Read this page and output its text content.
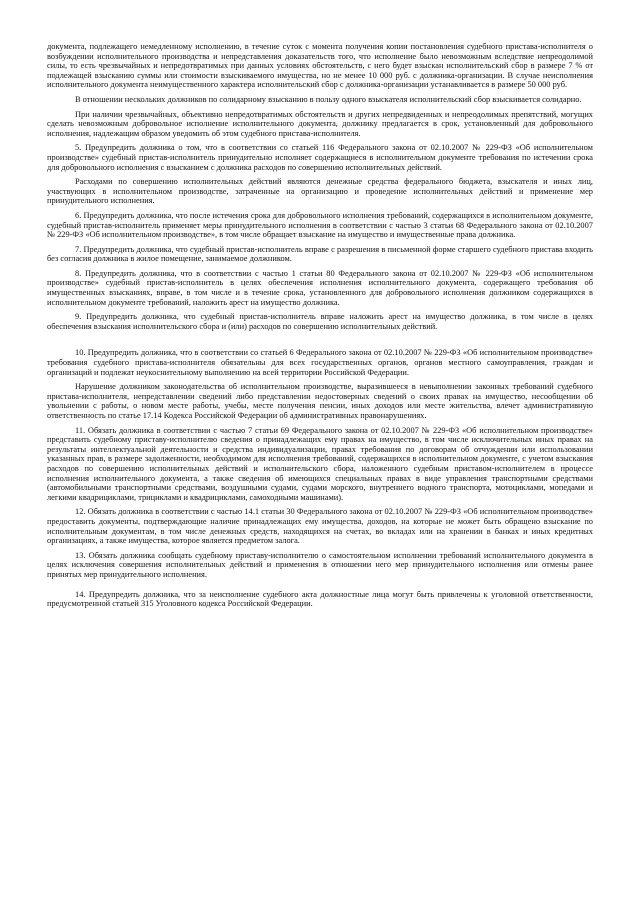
документа, подлежащего немедленному исполнению, в течение суток с момента получения копии постановления судебного пристава-исполнителя о возбуждении исполнительного производства и непредставления доказательств того, что исполнение было невозможным вследствие непреодолимой силы, то есть чрезвычайных и непредотвратимых при данных условиях обстоятельств, с него будет взыскан исполнительский сбор в размере 7 % от подлежащей взысканию суммы или стоимости взыскиваемого имущества, но не менее 10 000 руб. с должника-организации. В случае неисполнения исполнительного документа неимущественного характера исполнительский сбор с должника-организации устанавливается в размере 50 000 руб.

В отношении нескольких должников по солидарному взысканию в пользу одного взыскателя исполнительский сбор взыскивается солидарно.

При наличии чрезвычайных, объективно непредотвратимых обстоятельств и других непредвиденных и непреодолимых препятствий, могущих сделать невозможным добровольное исполнение исполнительного документа, должнику предлагается в срок, установленный для добровольного исполнения, надлежащим образом уведомить об этом судебного пристава-исполнителя.

5. Предупредить должника о том, что в соответствии со статьей 116 Федерального закона от 02.10.2007 № 229-ФЗ «Об исполнительном производстве» судебный пристав-исполнитель принудительно исполняет содержащиеся в исполнительном документе требования по истечении срока для добровольного исполнения с взысканием с должника расходов по совершению исполнительных действий.

Расходами по совершению исполнительных действий являются денежные средства федерального бюджета, взыскателя и иных лиц, участвующих в исполнительном производстве, затраченные на организацию и проведение исполнительных действий и применение мер принудительного исполнения.

6. Предупредить должника, что после истечения срока для добровольного исполнения требований, содержащихся в исполнительном документе, судебный пристав-исполнитель применяет меры принудительного исполнения в соответствии с частью 3 статьи 68 Федерального закона от 02.10.2007 № 229-ФЗ «Об исполнительном производстве», в том числе обращает взыскание на имущество и имущественные права должника.

7. Предупредить должника, что судебный пристав-исполнитель вправе с разрешения в письменной форме старшего судебного пристава входить без согласия должника в жилое помещение, занимаемое должником.

8. Предупредить должника, что в соответствии с частью 1 статьи 80 Федерального закона от 02.10.2007 № 229-ФЗ «Об исполнительном производстве» судебный пристав-исполнитель в целях обеспечения исполнения исполнительного документа, содержащего требования об имущественных взысканиях, вправе, в том числе и в течение срока, установленного для добровольного исполнения должником содержащихся в исполнительном документе требований, наложить арест на имущество должника.

9. Предупредить должника, что судебный пристав-исполнитель вправе наложить арест на имущество должника, в том числе в целях обеспечения взыскания исполнительского сбора и (или) расходов по совершению исполнительных действий.

10. Предупредить должника, что в соответствии со статьей 6 Федерального закона от 02.10.2007 № 229-ФЗ «Об исполнительном производстве» требования судебного пристава-исполнителя обязательны для всех государственных органов, органов местного самоуправления, граждан и организаций и подлежат неукоснительному выполнению на всей территории Российской Федерации.

Нарушение должником законодательства об исполнительном производстве, выразившееся в невыполнении законных требований судебного пристава-исполнителя, непредставлении сведений либо представлении недостоверных сведений о своих правах на имущество, несообщении об увольнении с работы, о новом месте работы, учебы, месте получения пенсии, иных доходов или месте жительства, влечет административную ответственность по статье 17.14 Кодекса Российской Федерации об административных правонарушениях.

11. Обязать должника в соответствии с частью 7 статьи 69 Федерального закона от 02.10.2007 № 229-ФЗ «Об исполнительном производстве» представить судебному приставу-исполнителю сведения о принадлежащих ему правах на имущество, в том числе исключительных иных правах на результаты интеллектуальной деятельности и средства индивидуализации, правах требования по договорам об отчуждении или использовании указанных прав, в размере задолженности, необходимом для исполнения требований, содержащихся в исполнительном документе, с учетом взыскания расходов по совершению исполнительных действий и исполнительского сбора, наложенного судебным приставом-исполнителем в процессе исполнения исполнительного документа, а также сведения об имеющихся специальных правах в виде управления транспортными средствами (автомобильными транспортными средствами, воздушными судами, судами морского, внутреннего водного транспорта, мотоциклами, мопедами и легкими квадрициклами, трициклами и квадрициклами, самоходными машинами).

12. Обязать должника в соответствии с частью 14.1 статьи 30 Федерального закона от 02.10.2007 № 229-ФЗ «Об исполнительном производстве» предоставить документы, подтверждающие наличие принадлежащих ему имущества, доходов, на которые не может быть обращено взыскание по исполнительным документам, в том числе денежных средств, находящихся на счетах, во вкладах или на хранении в банках и иных кредитных организациях, а также имущества, которое является предметом залога.

13. Обязать должника сообщать судебному приставу-исполнителю о самостоятельном исполнении требований исполнительного документа в целях исключения совершения исполнительных действий и применения в отношении него мер принудительного исполнения или отмены ранее принятых мер принудительного исполнения.

14. Предупредить должника, что за неисполнение судебного акта должностные лица могут быть привлечены к уголовной ответственности, предусмотренной статьей 315 Уголовного кодекса Российской Федерации.
